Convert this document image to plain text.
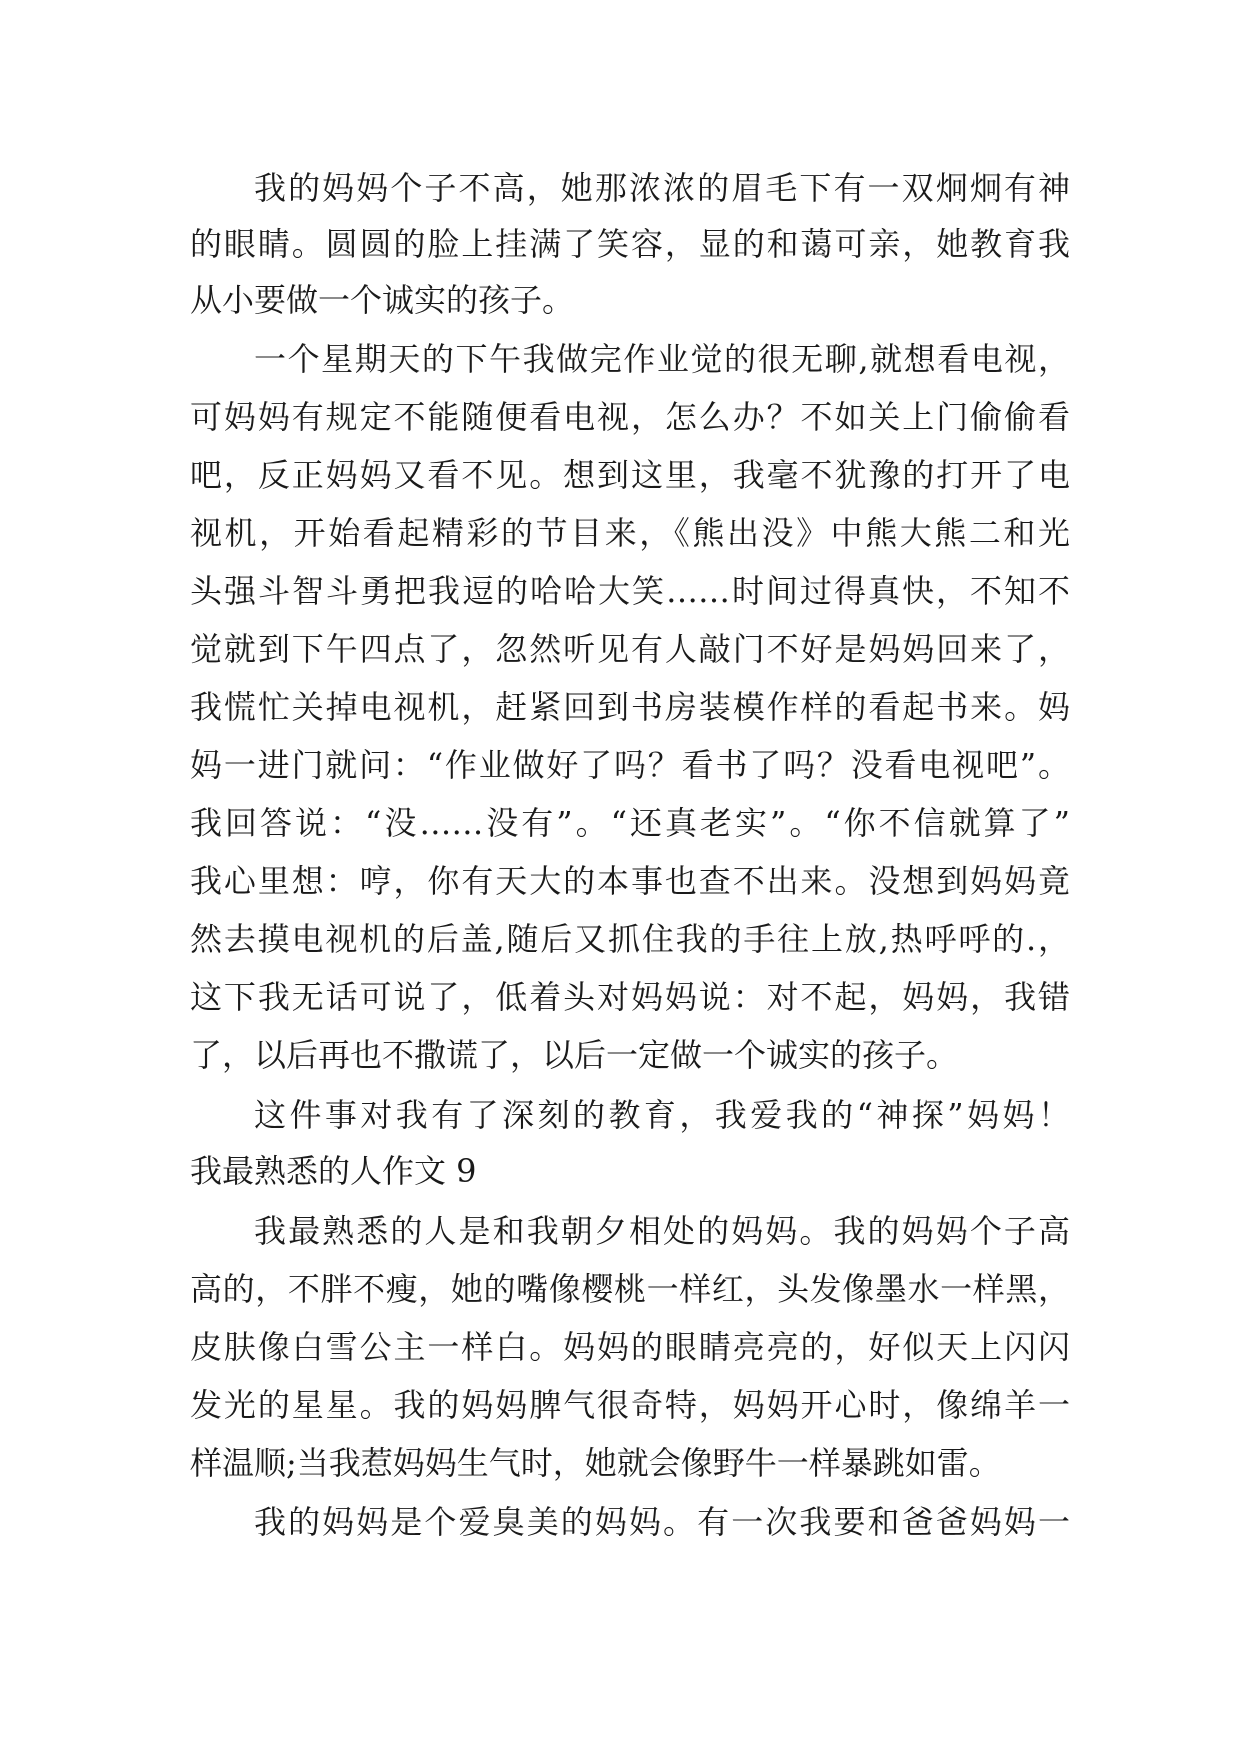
我的妈妈个子不高，她那浓浓的眉毛下有一双炯炯有神

的眼睛。圆圆的脸上挂满了笑容，显的和蔼可亲，她教育我

从小要做一个诚实的孩子。

一个星期天的下午我做完作业觉的很无聊,就想看电视，

可妈妈有规定不能随便看电视，怎么办？不如关上门偷偷看

吧，反正妈妈又看不见。想到这里，我毫不犹豫的打开了电

视机，开始看起精彩的节目来，《熊出没》中熊大熊二和光

头强斗智斗勇把我逗的哈哈大笑……时间过得真快，不知不

觉就到下午四点了，忽然听见有人敲门不好是妈妈回来了，

我慌忙关掉电视机，赶紧回到书房装模作样的看起书来。妈

妈一进门就问：“作业做好了吗？看书了吗？没看电视吧”。

我回答说：“没……没有”。“还真老实”。“你不信就算了”

我心里想：哼，你有天大的本事也查不出来。没想到妈妈竟

然去摸电视机的后盖,随后又抓住我的手往上放,热呼呼的.，

这下我无话可说了，低着头对妈妈说：对不起，妈妈，我错

了，以后再也不撒谎了，以后一定做一个诚实的孩子。

这件事对我有了深刻的教育，我爱我的“神探”妈妈！

我最熟悉的人作文 9

我最熟悉的人是和我朝夕相处的妈妈。我的妈妈个子高

高的，不胖不瘦，她的嘴像樱桃一样红，头发像墨水一样黑，

皮肤像白雪公主一样白。妈妈的眼睛亮亮的，好似天上闪闪

发光的星星。我的妈妈脾气很奇特，妈妈开心时，像绵羊一

样温顺;当我惹妈妈生气时，她就会像野牛一样暴跳如雷。

我的妈妈是个爱臭美的妈妈。有一次我要和爸爸妈妈一
